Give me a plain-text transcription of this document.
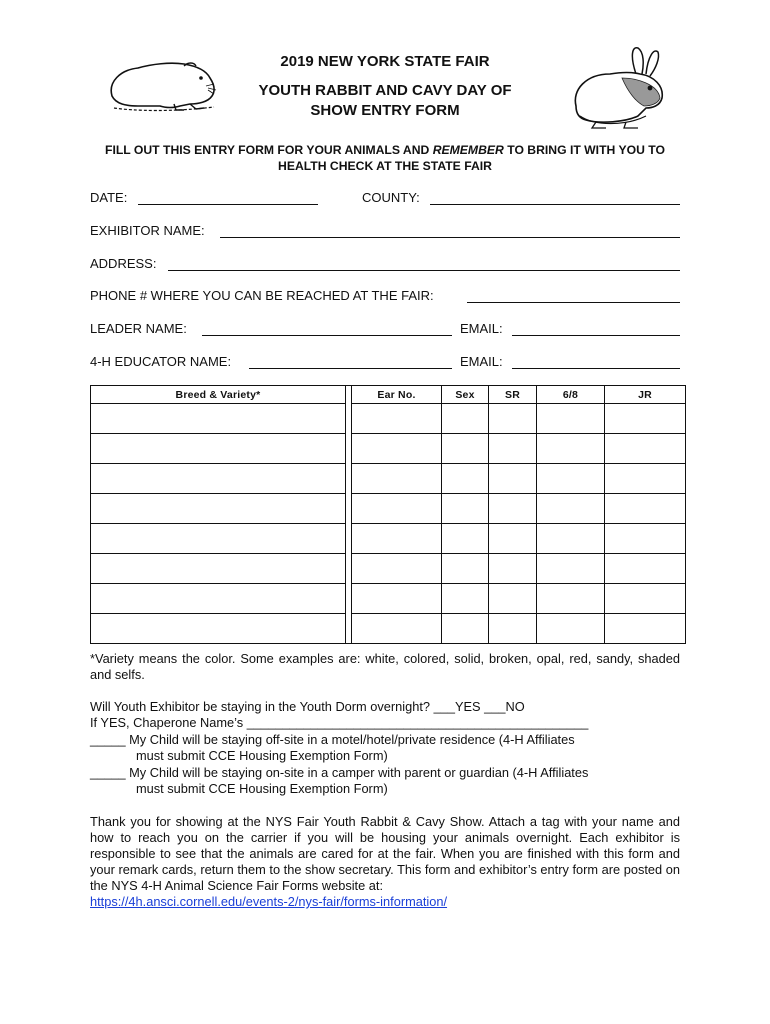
2019 NEW YORK STATE FAIR
YOUTH RABBIT AND CAVY DAY OF
SHOW ENTRY FORM
FILL OUT THIS ENTRY FORM FOR YOUR ANIMALS AND REMEMBER TO BRING IT WITH YOU TO HEALTH CHECK AT THE STATE FAIR
DATE:	COUNTY:
EXHIBITOR NAME:
ADDRESS:
PHONE # WHERE YOU CAN BE REACHED AT THE FAIR:
LEADER NAME:	EMAIL:
4-H EDUCATOR NAME:	EMAIL:
Breed & Variety*		Ear No.	Sex	SR	6/8	JR

*Variety means the color. Some examples are: white, colored, solid, broken, opal, red, sandy, shaded and selfs.
Will Youth Exhibitor be staying in the Youth Dorm overnight? ___YES ___NO
If YES, Chaperone Name’s ________________________________________________
_____ My Child will be staying off-site in a motel/hotel/private residence (4-H Affiliates
must submit CCE Housing Exemption Form)
_____ My Child will be staying on-site in a camper with parent or guardian (4-H Affiliates
must submit CCE Housing Exemption Form)
Thank you for showing at the NYS Fair Youth Rabbit & Cavy Show. Attach a tag with your name and how to reach you on the carrier if you will be housing your animals overnight. Each exhibitor is responsible to see that the animals are cared for at the fair. When you are finished with this form and your remark cards, return them to the show secretary. This form and exhibitor’s entry form are posted on the NYS 4-H Animal Science Fair Forms website at:
https://4h.ansci.cornell.edu/events-2/nys-fair/forms-information/
